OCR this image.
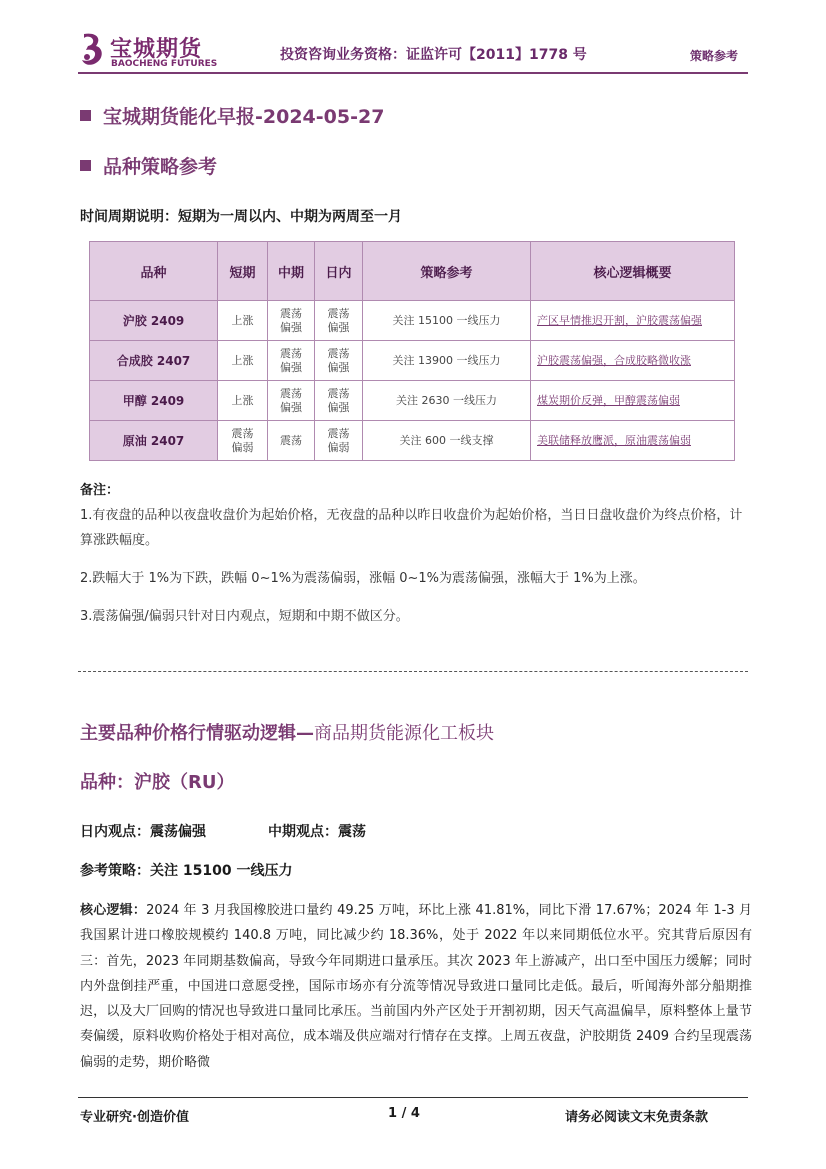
宝城期货
BAOCHENG FUTURES
投资咨询业务资格：证监许可【2011】1778 号	策略参考
宝城期货能化早报-2024-05-27
品种策略参考
时间周期说明：短期为一周以内、中期为两周至一月
品种	短期	中期	日内	策略参考	核心逻辑概要
沪胶 2409	上涨	震荡偏强	震荡偏强	关注 15100 一线压力	产区早情推迟开割，沪胶震荡偏强
合成胶 2407	上涨	震荡偏强	震荡偏强	关注 13900 一线压力	沪胶震荡偏强，合成胶略微收涨
甲醇 2409	上涨	震荡偏强	震荡偏强	关注 2630 一线压力	煤炭期价反弹，甲醇震荡偏弱
原油 2407	震荡偏弱	震荡	震荡偏弱	关注 600 一线支撑	美联储释放鹰派，原油震荡偏弱
备注：
1.有夜盘的品种以夜盘收盘价为起始价格，无夜盘的品种以昨日收盘价为起始价格，当日日盘收盘价为终点价格，计算涨跌幅度。
2.跌幅大于 1%为下跌，跌幅 0~1%为震荡偏弱，涨幅 0~1%为震荡偏强，涨幅大于 1%为上涨。
3.震荡偏强/偏弱只针对日内观点，短期和中期不做区分。
主要品种价格行情驱动逻辑—商品期货能源化工板块
品种：沪胶（RU）
日内观点：震荡偏强	中期观点：震荡
参考策略：关注 15100 一线压力
核心逻辑：2024 年 3 月我国橡胶进口量约 49.25 万吨，环比上涨 41.81%，同比下滑 17.67%；2024 年 1-3 月我国累计进口橡胶规模约 140.8 万吨，同比减少约 18.36%，处于 2022 年以来同期低位水平。究其背后原因有三：首先，2023 年同期基数偏高，导致今年同期进口量承压。其次 2023 年上游减产，出口至中国压力缓解；同时内外盘倒挂严重，中国进口意愿受挫，国际市场亦有分流等情况导致进口量同比走低。最后，听闻海外部分船期推迟，以及大厂回购的情况也导致进口量同比承压。当前国内外产区处于开割初期，因天气高温偏旱，原料整体上量节奏偏缓，原料收购价格处于相对高位，成本端及供应端对行情存在支撑。上周五夜盘，沪胶期货 2409 合约呈现震荡偏弱的走势，期价略微
专业研究·创造价值	1 / 4	请务必阅读文末免责条款
